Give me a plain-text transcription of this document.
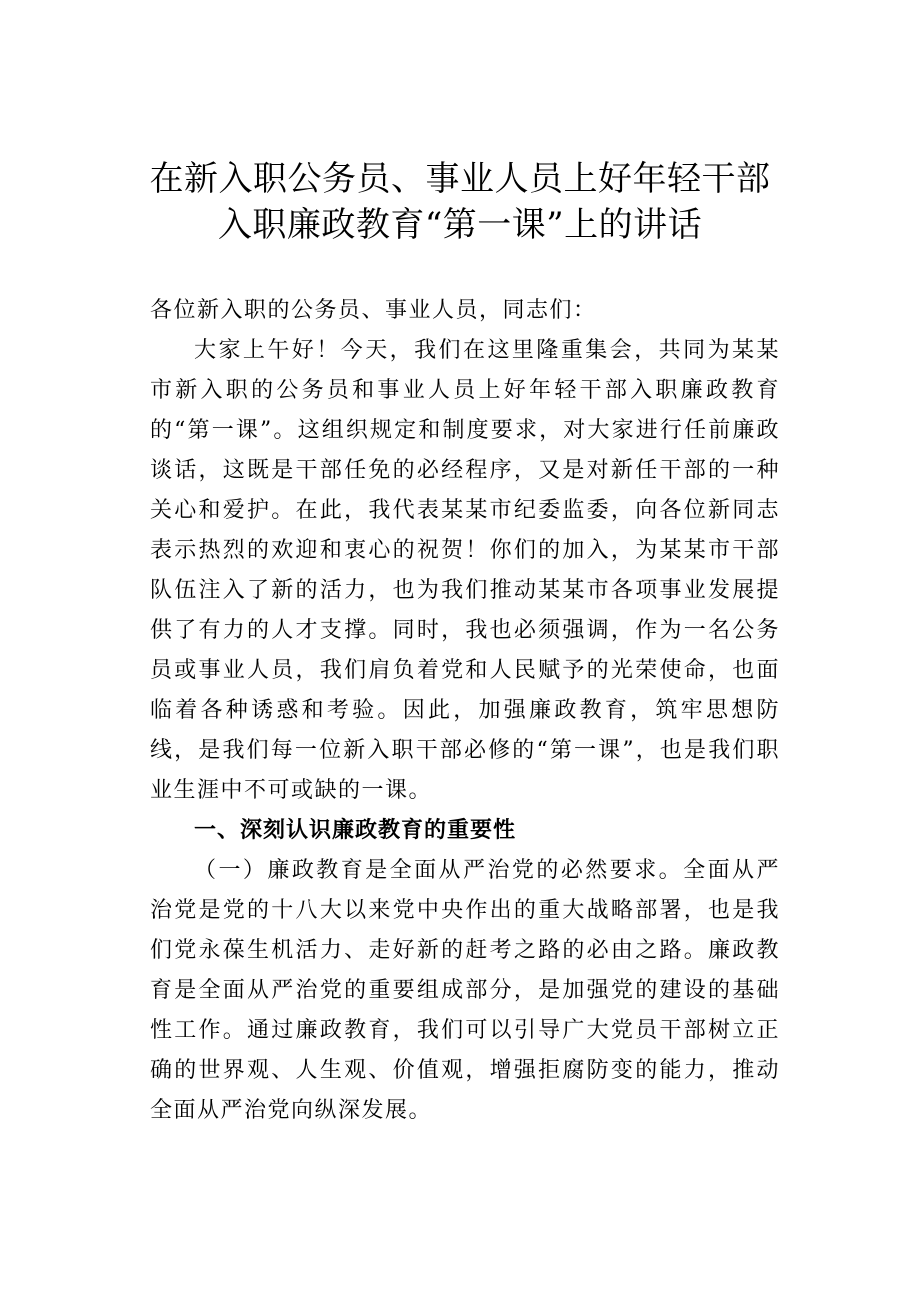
在新入职公务员、事业人员上好年轻干部
入职廉政教育“第一课”上的讲话

各位新入职的公务员、事业人员，同志们：

大家上午好！今天，我们在这里隆重集会，共同为某某市新入职的公务员和事业人员上好年轻干部入职廉政教育的“第一课”。这组织规定和制度要求，对大家进行任前廉政谈话，这既是干部任免的必经程序，又是对新任干部的一种关心和爱护。在此，我代表某某市纪委监委，向各位新同志表示热烈的欢迎和衷心的祝贺！你们的加入，为某某市干部队伍注入了新的活力，也为我们推动某某市各项事业发展提供了有力的人才支撑。同时，我也必须强调，作为一名公务员或事业人员，我们肩负着党和人民赋予的光荣使命，也面临着各种诱惑和考验。因此，加强廉政教育，筑牢思想防线，是我们每一位新入职干部必修的“第一课”，也是我们职业生涯中不可或缺的一课。

一、深刻认识廉政教育的重要性

（一）廉政教育是全面从严治党的必然要求。全面从严治党是党的十八大以来党中央作出的重大战略部署，也是我们党永葆生机活力、走好新的赶考之路的必由之路。廉政教育是全面从严治党的重要组成部分，是加强党的建设的基础性工作。通过廉政教育，我们可以引导广大党员干部树立正确的世界观、人生观、价值观，增强拒腐防变的能力，推动全面从严治党向纵深发展。
